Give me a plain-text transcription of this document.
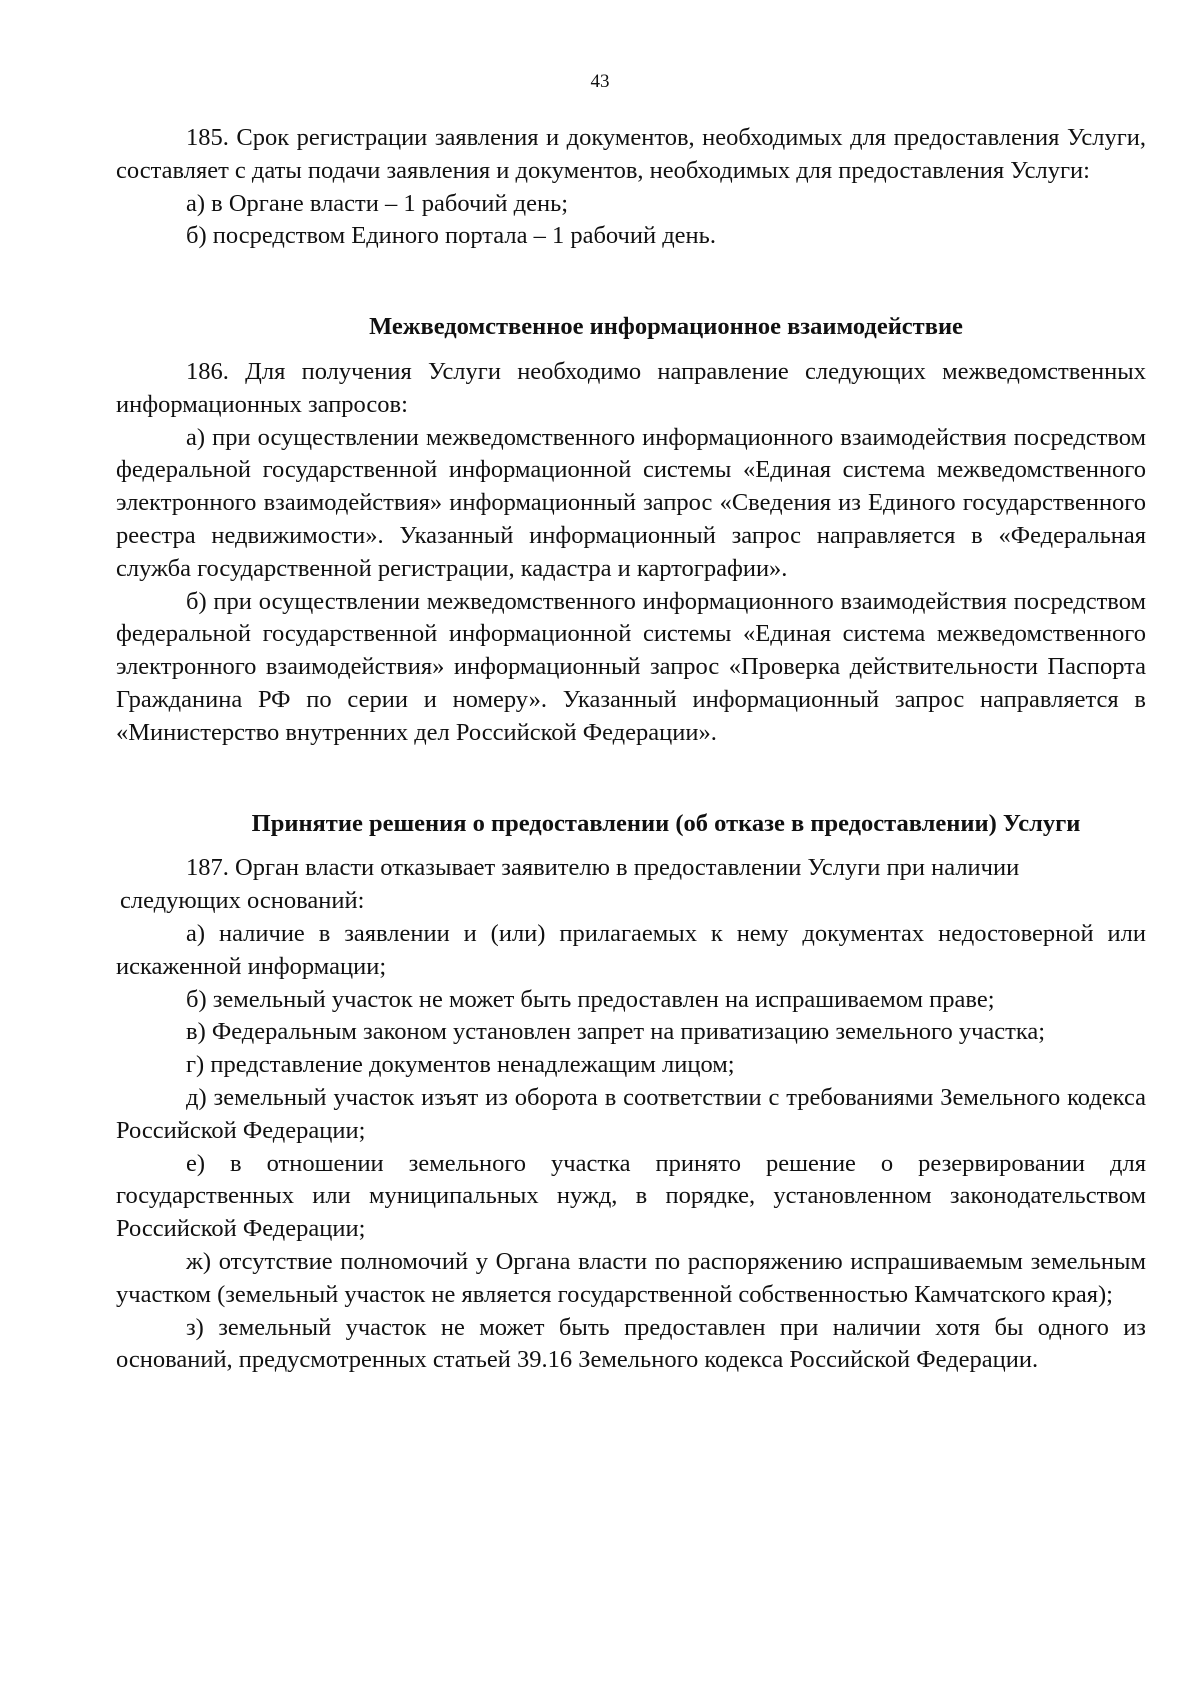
43

185. Срок регистрации заявления и документов, необходимых для предоставления Услуги, составляет с даты подачи заявления и документов, необходимых для предоставления Услуги:

а) в Органе власти – 1 рабочий день;

б) посредством Единого портала – 1 рабочий день.

Межведомственное информационное взаимодействие

186. Для получения Услуги необходимо направление следующих межведомственных информационных запросов:

а) при осуществлении межведомственного информационного взаимодействия посредством федеральной государственной информационной системы «Единая система межведомственного электронного взаимодействия» информационный запрос «Сведения из Единого государственного реестра недвижимости». Указанный информационный запрос направляется в «Федеральная служба государственной регистрации, кадастра и картографии».

б) при осуществлении межведомственного информационного взаимодействия посредством федеральной государственной информационной системы «Единая система межведомственного электронного взаимодействия» информационный запрос «Проверка действительности Паспорта Гражданина РФ по серии и номеру». Указанный информационный запрос направляется в «Министерство внутренних дел Российской Федерации».

Принятие решения о предоставлении (об отказе в предоставлении) Услуги

187. Орган власти отказывает заявителю в предоставлении Услуги при наличии

следующих оснований:

а) наличие в заявлении и (или) прилагаемых к нему документах недостоверной или искаженной информации;

б) земельный участок не может быть предоставлен на испрашиваемом праве;

в) Федеральным законом установлен запрет на приватизацию земельного участка;

г) представление документов ненадлежащим лицом;

д) земельный участок изъят из оборота в соответствии с требованиями Земельного кодекса Российской Федерации;

е) в отношении земельного участка принято решение о резервировании для государственных или муниципальных нужд, в порядке, установленном законодательством Российской Федерации;

ж) отсутствие полномочий у Органа власти по распоряжению испрашиваемым земельным участком (земельный участок не является государственной собственностью Камчатского края);

з) земельный участок не может быть предоставлен при наличии хотя бы одного из оснований, предусмотренных статьей 39.16 Земельного кодекса Российской Федерации.
